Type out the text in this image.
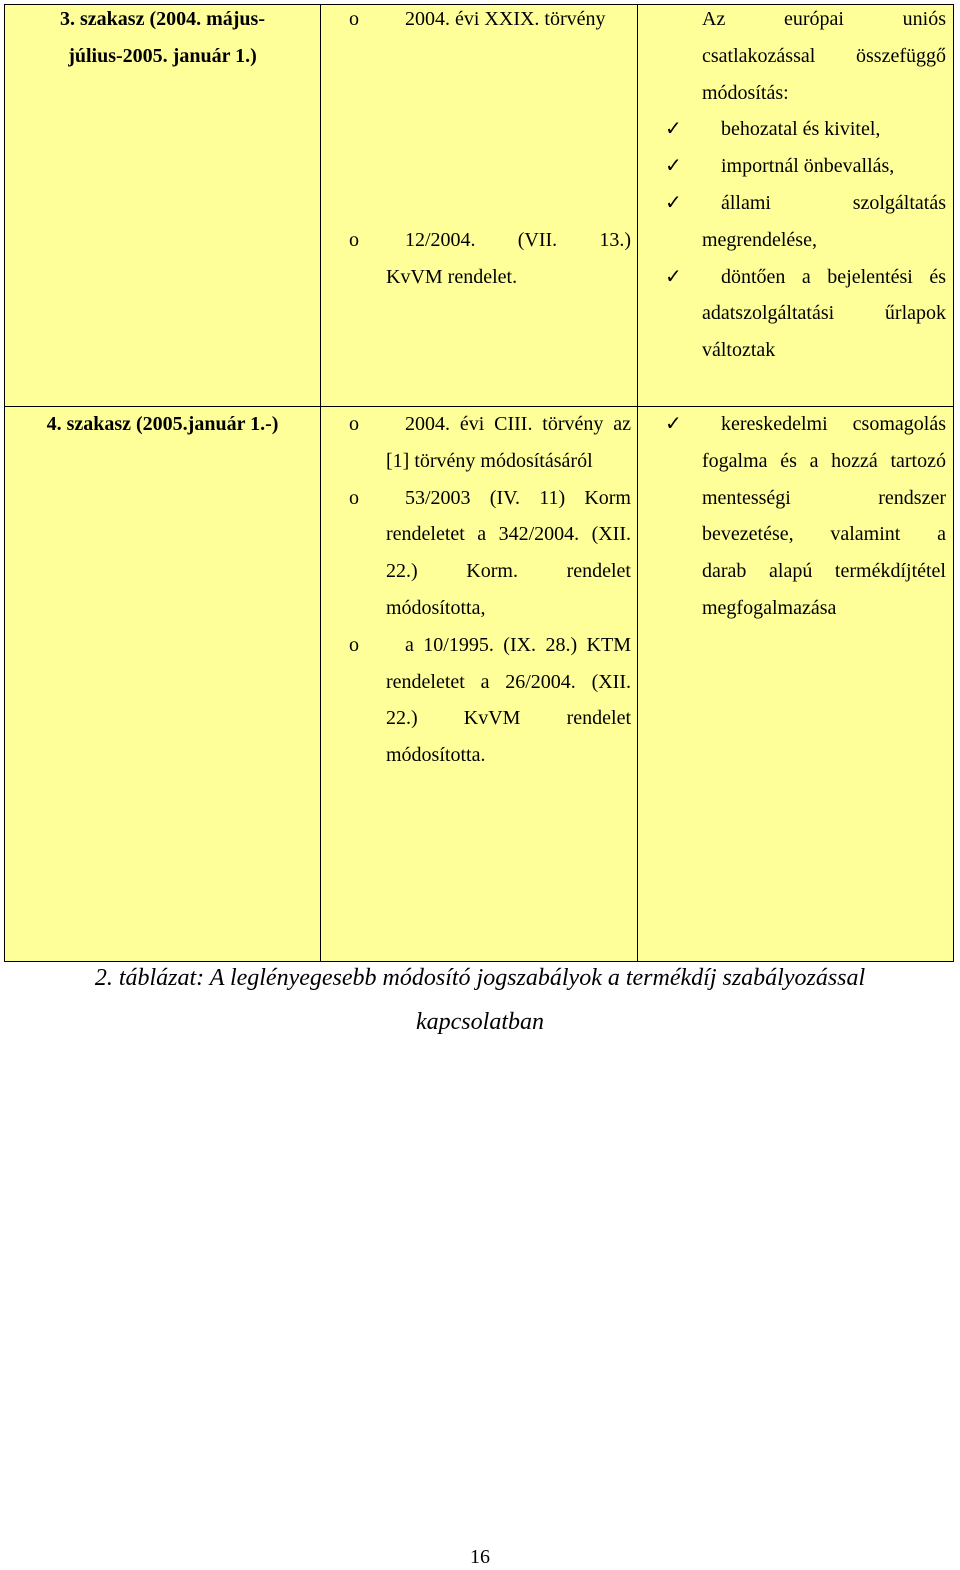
3. szakasz (2004. május-
július-2005. január 1.)
o 2004. évi XXIX. törvény
o 12/2004. (VII. 13.)
KvVM rendelet.
Az európai uniós
csatlakozással összefüggő
módosítás:
✓ behozatal és kivitel,
✓ importnál önbevallás,
✓ állami szolgáltatás
megrendelése,
✓ döntően a bejelentési és
adatszolgáltatási űrlapok
változtak
4. szakasz (2005.január 1.-)	o 2004. évi CIII. törvény az
[1] törvény módosításáról
o 53/2003 (IV. 11) Korm
rendeletet a 342/2004. (XII.
22.) Korm. rendelet
módosította,
o a 10/1995. (IX. 28.) KTM
rendeletet a 26/2004. (XII.
22.) KvVM rendelet
módosította.
✓ kereskedelmi csomagolás
fogalma és a hozzá tartozó
mentességi rendszer
bevezetése, valamint a
darab alapú termékdíjtétel
megfogalmazása
2. táblázat: A leglényegesebb módosító jogszabályok a termékdíj szabályozással
kapcsolatban
16
